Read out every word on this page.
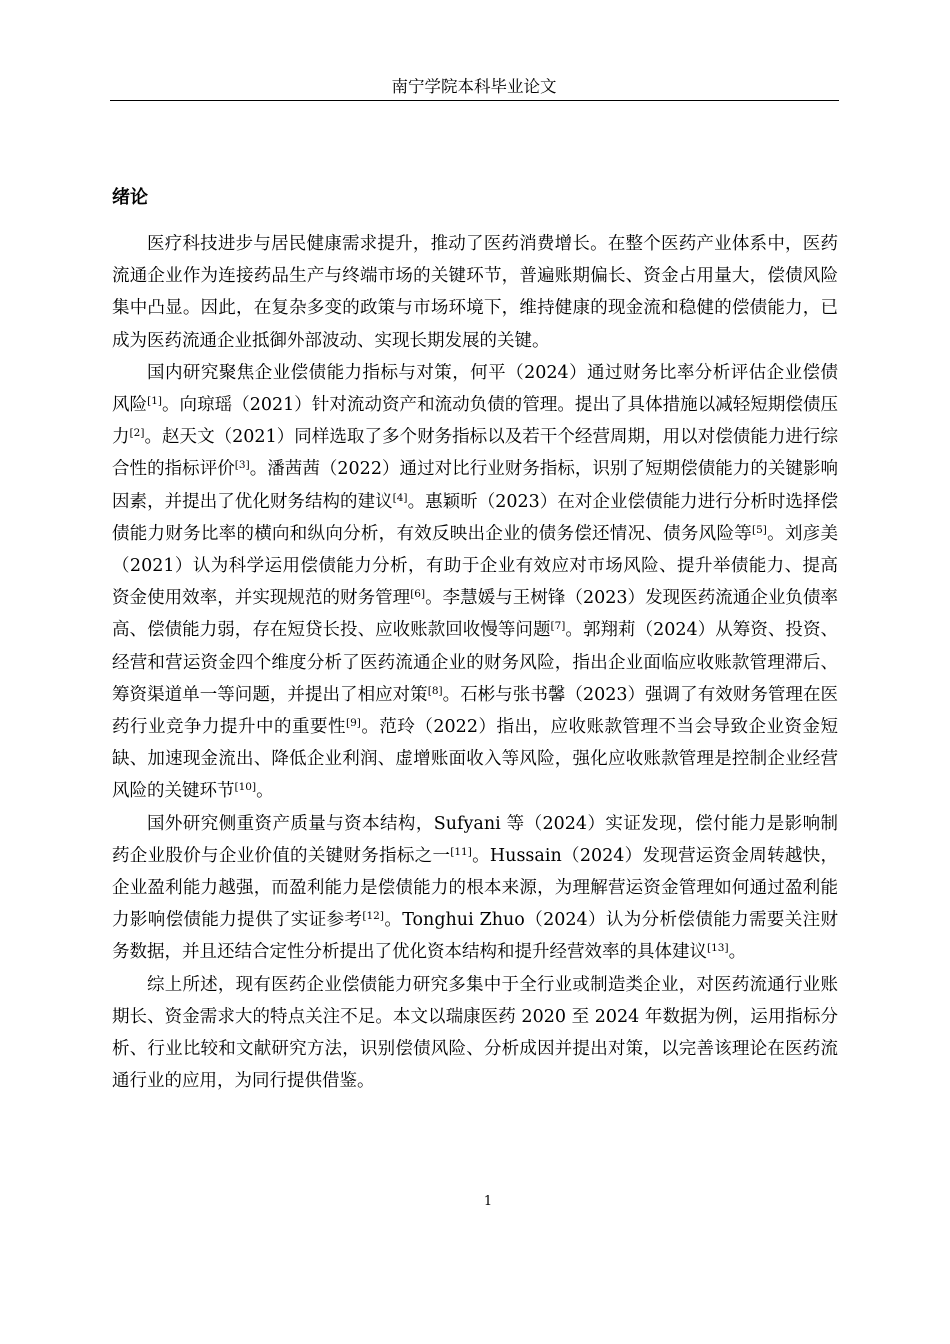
南宁学院本科毕业论文
绪论

医疗科技进步与居民健康需求提升，推动了医药消费增长。在整个医药产业体系中，医药流通企业作为连接药品生产与终端市场的关键环节，普遍账期偏长、资金占用量大，偿债风险集中凸显。因此，在复杂多变的政策与市场环境下，维持健康的现金流和稳健的偿债能力，已成为医药流通企业抵御外部波动、实现长期发展的关键。

国内研究聚焦企业偿债能力指标与对策，何平（2024）通过财务比率分析评估企业偿债风险[1]。向琼瑶（2021）针对流动资产和流动负债的管理。提出了具体措施以减轻短期偿债压力[2]。赵天文（2021）同样选取了多个财务指标以及若干个经营周期，用以对偿债能力进行综合性的指标评价[3]。潘茜茜（2022）通过对比行业财务指标，识别了短期偿债能力的关键影响因素，并提出了优化财务结构的建议[4]。惠颖昕（2023）在对企业偿债能力进行分析时选择偿债能力财务比率的横向和纵向分析，有效反映出企业的债务偿还情况、债务风险等[5]。刘彦美（2021）认为科学运用偿债能力分析，有助于企业有效应对市场风险、提升举债能力、提高资金使用效率，并实现规范的财务管理[6]。李慧媛与王树锋（2023）发现医药流通企业负债率高、偿债能力弱，存在短贷长投、应收账款回收慢等问题[7]。郭翔莉（2024）从筹资、投资、经营和营运资金四个维度分析了医药流通企业的财务风险，指出企业面临应收账款管理滞后、筹资渠道单一等问题，并提出了相应对策[8]。石彬与张书馨（2023）强调了有效财务管理在医药行业竞争力提升中的重要性[9]。范玲（2022）指出，应收账款管理不当会导致企业资金短缺、加速现金流出、降低企业利润、虚增账面收入等风险，强化应收账款管理是控制企业经营风险的关键环节[10]。

国外研究侧重资产质量与资本结构，Sufyani 等（2024）实证发现，偿付能力是影响制药企业股价与企业价值的关键财务指标之一[11]。Hussain（2024）发现营运资金周转越快，企业盈利能力越强，而盈利能力是偿债能力的根本来源，为理解营运资金管理如何通过盈利能力影响偿债能力提供了实证参考[12]。Tonghui Zhuo（2024）认为分析偿债能力需要关注财务数据，并且还结合定性分析提出了优化资本结构和提升经营效率的具体建议[13]。

综上所述，现有医药企业偿债能力研究多集中于全行业或制造类企业，对医药流通行业账期长、资金需求大的特点关注不足。本文以瑞康医药 2020 至 2024 年数据为例，运用指标分析、行业比较和文献研究方法，识别偿债风险、分析成因并提出对策，以完善该理论在医药流通行业的应用，为同行提供借鉴。

1
